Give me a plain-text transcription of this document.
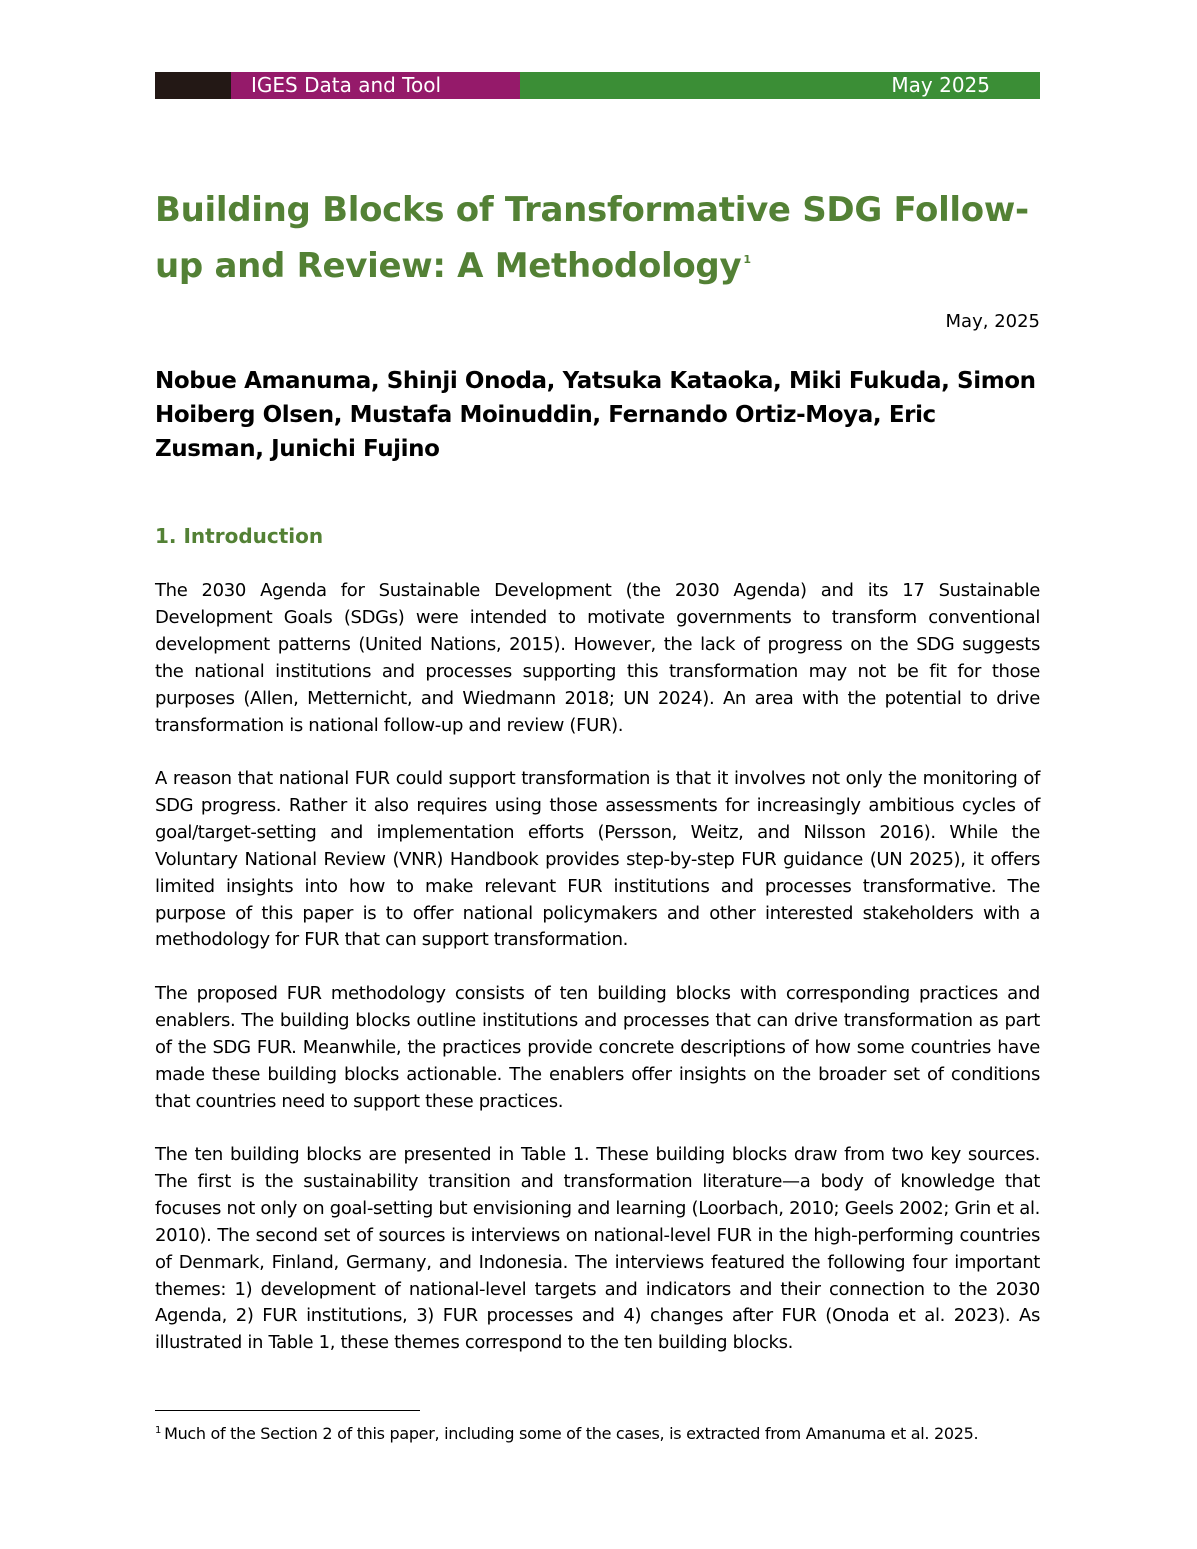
IGES Data and Tool	May 2025
Building Blocks of Transformative SDG Follow-up and Review: A Methodology $^1$
May, 2025

Nobue Amanuma, Shinji Onoda, Yatsuka Kataoka, Miki Fukuda, Simon Hoiberg Olsen, Mustafa Moinuddin, Fernando Ortiz-Moya, Eric Zusman, Junichi Fujino

1. Introduction

The 2030 Agenda for Sustainable Development (the 2030 Agenda) and its 17 Sustainable Development Goals (SDGs) were intended to motivate governments to transform conventional development patterns (United Nations, 2015). However, the lack of progress on the SDG suggests the national institutions and processes supporting this transformation may not be fit for those purposes (Allen, Metternicht, and Wiedmann 2018; UN 2024). An area with the potential to drive transformation is national follow-up and review (FUR).

A reason that national FUR could support transformation is that it involves not only the monitoring of SDG progress. Rather it also requires using those assessments for increasingly ambitious cycles of goal/target-setting and implementation efforts (Persson, Weitz, and Nilsson 2016). While the Voluntary National Review (VNR) Handbook provides step-by-step FUR guidance (UN 2025), it offers limited insights into how to make relevant FUR institutions and processes transformative. The purpose of this paper is to offer national policymakers and other interested stakeholders with a methodology for FUR that can support transformation.

The proposed FUR methodology consists of ten building blocks with corresponding practices and enablers. The building blocks outline institutions and processes that can drive transformation as part of the SDG FUR. Meanwhile, the practices provide concrete descriptions of how some countries have made these building blocks actionable. The enablers offer insights on the broader set of conditions that countries need to support these practices.

The ten building blocks are presented in Table 1. These building blocks draw from two key sources. The first is the sustainability transition and transformation literature—a body of knowledge that focuses not only on goal-setting but envisioning and learning (Loorbach, 2010; Geels 2002; Grin et al. 2010). The second set of sources is interviews on national-level FUR in the high-performing countries of Denmark, Finland, Germany, and Indonesia. The interviews featured the following four important themes: 1) development of national-level targets and indicators and their connection to the 2030 Agenda, 2) FUR institutions, 3) FUR processes and 4) changes after FUR (Onoda et al. 2023). As illustrated in Table 1, these themes correspond to the ten building blocks.

$^1$ Much of the Section 2 of this paper, including some of the cases, is extracted from Amanuma et al. 2025.
